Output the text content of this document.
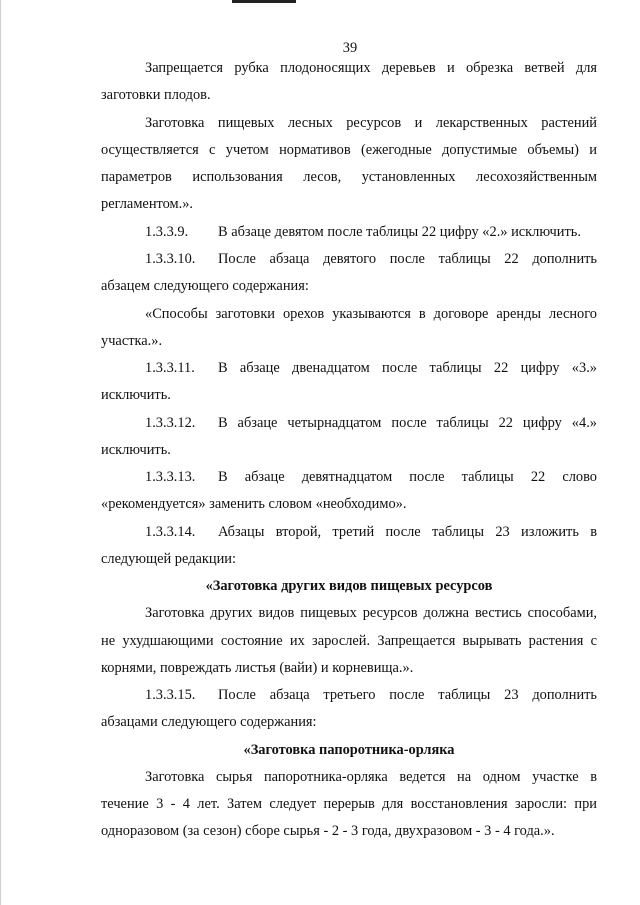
39
Запрещается рубка плодоносящих деревьев и обрезка ветвей для
заготовки плодов.
Заготовка пищевых лесных ресурсов и лекарственных растений
осуществляется с учетом нормативов (ежегодные допустимые объемы) и
параметров использования лесов, установленных лесохозяйственным
регламентом.».
1.3.3.9. В абзаце девятом после таблицы 22 цифру «2.» исключить.
1.3.3.10. После абзаца девятого после таблицы 22 дополнить
абзацем следующего содержания:
«Способы заготовки орехов указываются в договоре аренды лесного
участка.».
1.3.3.11. В абзаце двенадцатом после таблицы 22 цифру «3.»
исключить.
1.3.3.12. В абзаце четырнадцатом после таблицы 22 цифру «4.»
исключить.
1.3.3.13. В абзаце девятнадцатом после таблицы 22 слово
«рекомендуется» заменить словом «необходимо».
1.3.3.14. Абзацы второй, третий после таблицы 23 изложить в
следующей редакции:
«Заготовка других видов пищевых ресурсов
Заготовка других видов пищевых ресурсов должна вестись способами,
не ухудшающими состояние их зарослей. Запрещается вырывать растения с
корнями, повреждать листья (вайи) и корневища.».
1.3.3.15. После абзаца третьего после таблицы 23 дополнить
абзацами следующего содержания:
«Заготовка папоротника-орляка
Заготовка сырья папоротника-орляка ведется на одном участке в
течение 3 - 4 лет. Затем следует перерыв для восстановления заросли: при
одноразовом (за сезон) сборе сырья - 2 - 3 года, двухразовом - 3 - 4 года.».
